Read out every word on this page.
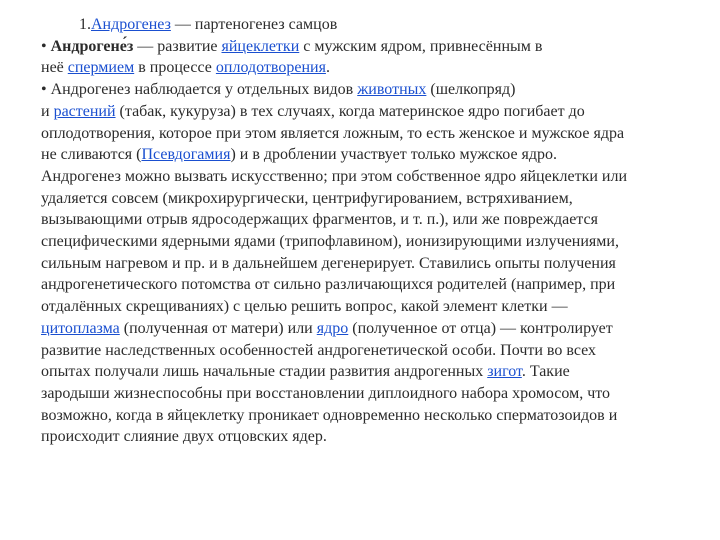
1.Андрогенез — партеногенез самцов
• Андрогене́з — развитие яйцеклетки с мужским ядром, привнесённым в
неё спермием в процессе оплодотворения.
• Андрогенез наблюдается у отдельных видов животных (шелкопряд)
и растений (табак, кукуруза) в тех случаях, когда материнское ядро погибает до
оплодотворения, которое при этом является ложным, то есть женское и мужское ядра
не сливаются (Псевдогамия) и в дроблении участвует только мужское ядро.
Андрогенез можно вызвать искусственно; при этом собственное ядро яйцеклетки или
удаляется совсем (микрохирургически, центрифугированием, встряхиванием,
вызывающими отрыв ядросодержащих фрагментов, и т. п.), или же повреждается
специфическими ядерными ядами (трипофлавином), ионизирующими излучениями,
сильным нагревом и пр. и в дальнейшем дегенерирует. Ставились опыты получения
андрогенетического потомства от сильно различающихся родителей (например, при
отдалённых скрещиваниях) с целью решить вопрос, какой элемент клетки —
цитоплазма (полученная от матери) или ядро (полученное от отца) — контролирует
развитие наследственных особенностей андрогенетической особи. Почти во всех
опытах получали лишь начальные стадии развития андрогенных зигот. Такие
зародыши жизнеспособны при восстановлении диплоидного набора хромосом, что
возможно, когда в яйцеклетку проникает одновременно несколько сперматозоидов и
происходит слияние двух отцовских ядер.
